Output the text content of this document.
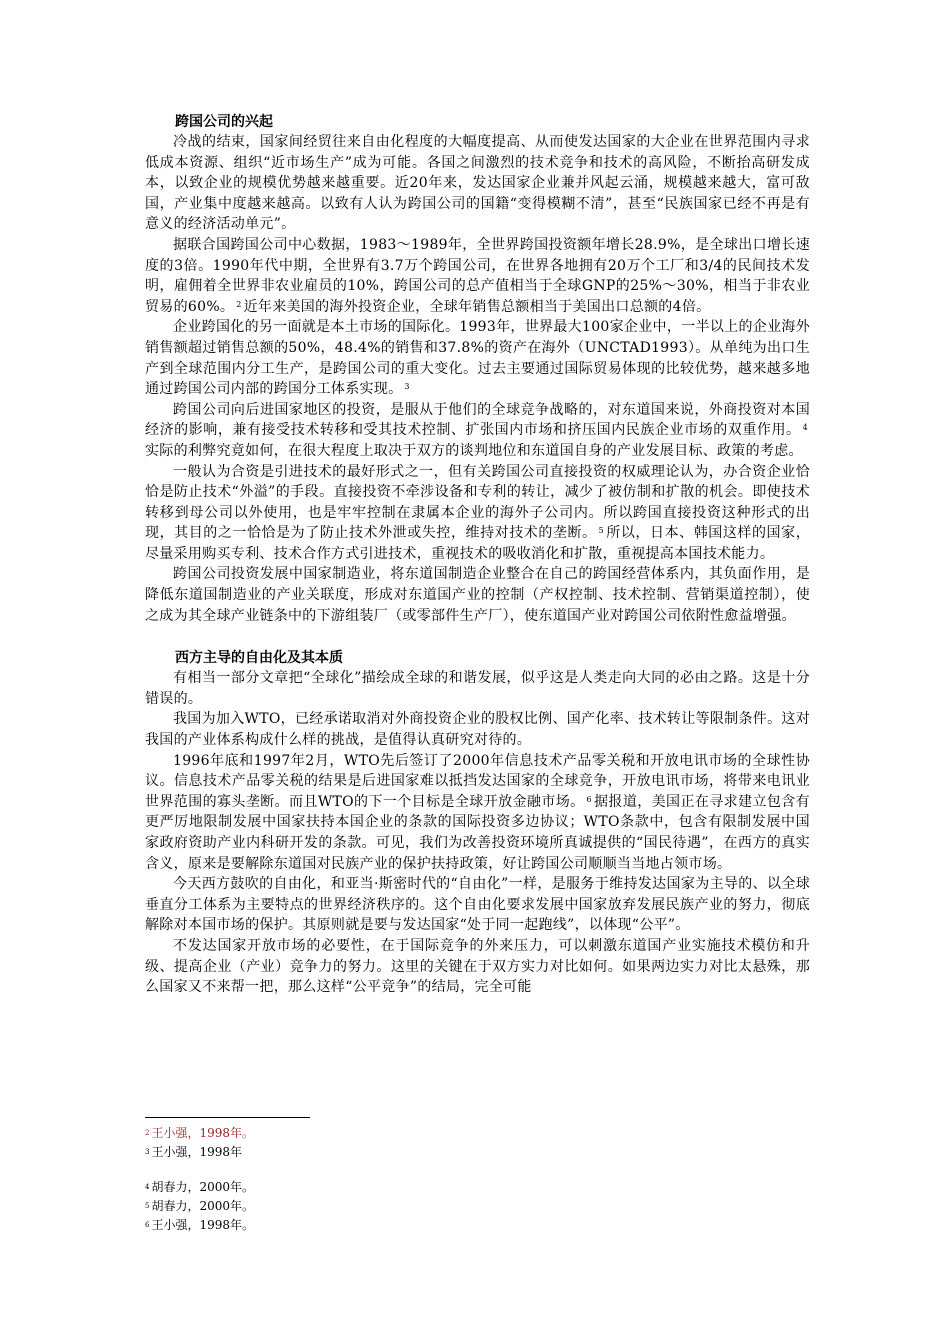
跨国公司的兴起

冷战的结束，国家间经贸往来自由化程度的大幅度提高、从而使发达国家的大企业在世界范围内寻求低成本资源、组织“近市场生产”成为可能。各国之间激烈的技术竞争和技术的高风险，不断抬高研发成本，以致企业的规模优势越来越重要。近20年来，发达国家企业兼并风起云涌，规模越来越大，富可敌国，产业集中度越来越高。以致有人认为跨国公司的国籍“变得模糊不清”，甚至“民族国家已经不再是有意义的经济活动单元”。

据联合国跨国公司中心数据，1983～1989年，全世界跨国投资额年增长28.9%，是全球出口增长速度的3倍。1990年代中期，全世界有3.7万个跨国公司，在世界各地拥有20万个工厂和3/4的民间技术发明，雇佣着全世界非农业雇员的10%，跨国公司的总产值相当于全球GNP的25%～30%，相当于非农业贸易的60%。 $^2$ 近年来美国的海外投资企业，全球年销售总额相当于美国出口总额的4倍。

企业跨国化的另一面就是本土市场的国际化。1993年，世界最大100家企业中，一半以上的企业海外销售额超过销售总额的50%，48.4%的销售和37.8%的资产在海外（UNCTAD1993）。从单纯为出口生产到全球范围内分工生产，是跨国公司的重大变化。过去主要通过国际贸易体现的比较优势，越来越多地通过跨国公司内部的跨国分工体系实现。 $^3$

跨国公司向后进国家地区的投资，是服从于他们的全球竞争战略的，对东道国来说，外商投资对本国经济的影响，兼有接受技术转移和受其技术控制、扩张国内市场和挤压国内民族企业市场的双重作用。 $^4$实际的利弊究竟如何，在很大程度上取决于双方的谈判地位和东道国自身的产业发展目标、政策的考虑。

一般认为合资是引进技术的最好形式之一，但有关跨国公司直接投资的权威理论认为，办合资企业恰恰是防止技术“外溢”的手段。直接投资不牵涉设备和专利的转让，减少了被仿制和扩散的机会。即使技术转移到母公司以外使用，也是牢牢控制在隶属本企业的海外子公司内。所以跨国直接投资这种形式的出现，其目的之一恰恰是为了防止技术外泄或失控，维持对技术的垄断。 $^5$ 所以，日本、韩国这样的国家，尽量采用购买专利、技术合作方式引进技术，重视技术的吸收消化和扩散，重视提高本国技术能力。

跨国公司投资发展中国家制造业，将东道国制造企业整合在自己的跨国经营体系内，其负面作用，是降低东道国制造业的产业关联度，形成对东道国产业的控制（产权控制、技术控制、营销渠道控制），使之成为其全球产业链条中的下游组装厂（或零部件生产厂），使东道国产业对跨国公司依附性愈益增强。

西方主导的自由化及其本质

有相当一部分文章把“全球化”描绘成全球的和谐发展，似乎这是人类走向大同的必由之路。这是十分错误的。

我国为加入WTO，已经承诺取消对外商投资企业的股权比例、国产化率、技术转让等限制条件。这对我国的产业体系构成什么样的挑战，是值得认真研究对待的。

1996年底和1997年2月，WTO先后签订了2000年信息技术产品零关税和开放电讯市场的全球性协议。信息技术产品零关税的结果是后进国家难以抵挡发达国家的全球竞争，开放电讯市场，将带来电讯业世界范围的寡头垄断。而且WTO的下一个目标是全球开放金融市场。 $^6$ 据报道，美国正在寻求建立包含有更严厉地限制发展中国家扶持本国企业的条款的国际投资多边协议；WTO条款中，包含有限制发展中国家政府资助产业内科研开发的条款。可见，我们为改善投资环境所真诚提供的“国民待遇”，在西方的真实含义，原来是要解除东道国对民族产业的保护扶持政策，好让跨国公司顺顺当当地占领市场。

今天西方鼓吹的自由化，和亚当·斯密时代的“自由化”一样，是服务于维持发达国家为主导的、以全球垂直分工体系为主要特点的世界经济秩序的。这个自由化要求发展中国家放弃发展民族产业的努力，彻底解除对本国市场的保护。其原则就是要与发达国家“处于同一起跑线”，以体现“公平”。

不发达国家开放市场的必要性，在于国际竞争的外来压力，可以刺激东道国产业实施技术模仿和升级、提高企业（产业）竞争力的努力。这里的关键在于双方实力对比如何。如果两边实力对比太悬殊，那么国家又不来帮一把，那么这样“公平竞争”的结局，完全可能

$^2$ 王小强，1998年。

$^3$ 王小强，1998年

$^4$ 胡春力，2000年。

$^5$ 胡春力，2000年。

$^6$ 王小强，1998年。
